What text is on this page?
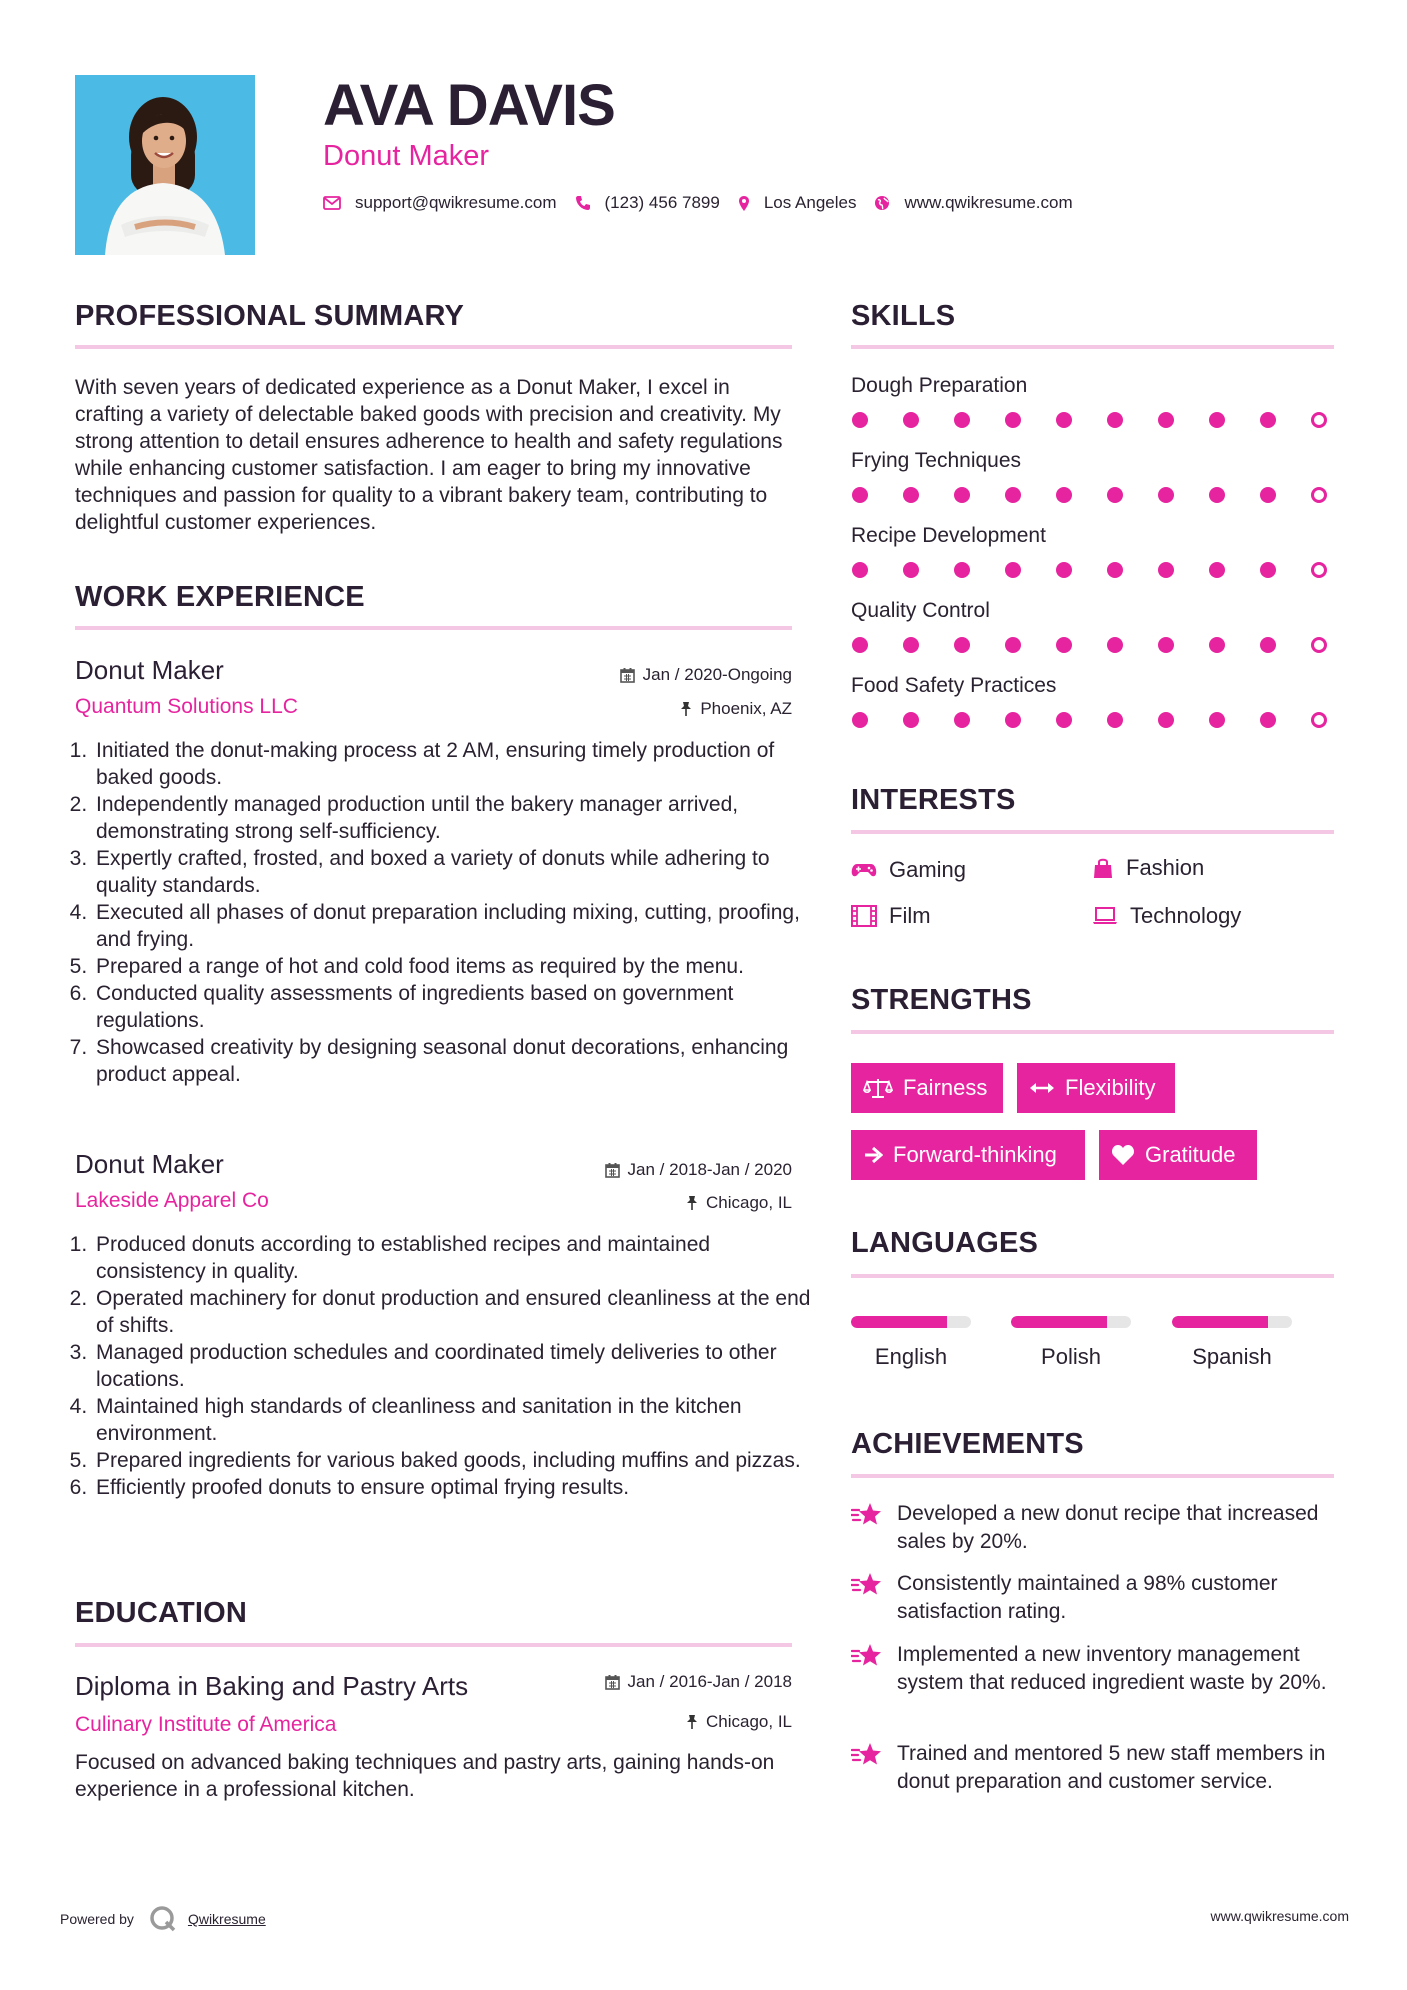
AVA DAVIS
Donut Maker
support@qwikresume.com	(123) 456 7899	Los Angeles	www.qwikresume.com
PROFESSIONAL SUMMARY
With seven years of dedicated experience as a Donut Maker, I excel in crafting a variety of delectable baked goods with precision and creativity. My strong attention to detail ensures adherence to health and safety regulations while enhancing customer satisfaction. I am eager to bring my innovative techniques and passion for quality to a vibrant bakery team, contributing to delightful customer experiences.
WORK EXPERIENCE
Donut Maker	Jan / 2020-Ongoing
Quantum Solutions LLC	Phoenix, AZ
1. Initiated the donut-making process at 2 AM, ensuring timely production of baked goods.
2. Independently managed production until the bakery manager arrived, demonstrating strong self-sufficiency.
3. Expertly crafted, frosted, and boxed a variety of donuts while adhering to quality standards.
4. Executed all phases of donut preparation including mixing, cutting, proofing, and frying.
5. Prepared a range of hot and cold food items as required by the menu.
6. Conducted quality assessments of ingredients based on government regulations.
7. Showcased creativity by designing seasonal donut decorations, enhancing product appeal.
Donut Maker	Jan / 2018-Jan / 2020
Lakeside Apparel Co	Chicago, IL
1. Produced donuts according to established recipes and maintained consistency in quality.
2. Operated machinery for donut production and ensured cleanliness at the end of shifts.
3. Managed production schedules and coordinated timely deliveries to other locations.
4. Maintained high standards of cleanliness and sanitation in the kitchen environment.
5. Prepared ingredients for various baked goods, including muffins and pizzas.
6. Efficiently proofed donuts to ensure optimal frying results.
EDUCATION
Diploma in Baking and Pastry Arts	Jan / 2016-Jan / 2018
Culinary Institute of America	Chicago, IL
Focused on advanced baking techniques and pastry arts, gaining hands-on experience in a professional kitchen.
SKILLS
Dough Preparation
Frying Techniques
Recipe Development
Quality Control
Food Safety Practices
INTERESTS
Gaming	Fashion
Film	Technology
STRENGTHS
Fairness	Flexibility
Forward-thinking	Gratitude
LANGUAGES
English	Polish	Spanish
ACHIEVEMENTS
Developed a new donut recipe that increased sales by 20%.
Consistently maintained a 98% customer satisfaction rating.
Implemented a new inventory management system that reduced ingredient waste by 20%.
Trained and mentored 5 new staff members in donut preparation and customer service.
Powered by	Qwikresume	www.qwikresume.com
